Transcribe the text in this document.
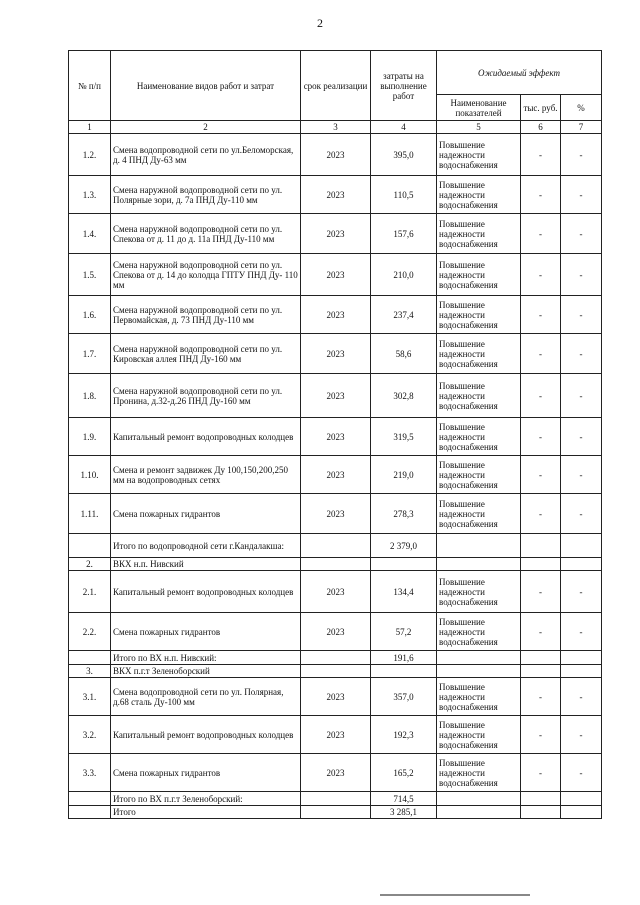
2
№ п/п	Наименование видов работ и затрат	срок реализации	затраты на выполнение работ	Ожидаемый эффект		
				Наименование показателей	тыс. руб.	%
1	2	3	4	5	6	7
1.2.	Смена водопроводной сети по ул.Беломорская, д. 4 ПНД Ду-63 мм	2023	395,0	Повышение надежности водоснабжения	-	-
1.3.	Смена наружной водопроводной сети по ул. Полярные зори, д. 7а ПНД Ду-110 мм	2023	110,5	Повышение надежности водоснабжения	-	-
1.4.	Смена наружной водопроводной сети по ул. Спекова от д. 11 до д. 11а ПНД Ду-110 мм	2023	157,6	Повышение надежности водоснабжения	-	-
1.5.	Смена наружной водопроводной сети по ул. Спекова от д. 14 до колодца ГПТУ ПНД Ду- 110 мм	2023	210,0	Повышение надежности водоснабжения	-	-
1.6.	Смена наружной водопроводной сети по ул. Первомайская, д. 73 ПНД Ду-110 мм	2023	237,4	Повышение надежности водоснабжения	-	-
1.7.	Смена наружной водопроводной сети по ул. Кировская аллея ПНД Ду-160 мм	2023	58,6	Повышение надежности водоснабжения	-	-
1.8.	Смена наружной водопроводной сети по ул. Пронина, д.32-д.26 ПНД Ду-160 мм	2023	302,8	Повышение надежности водоснабжения	-	-
1.9.	Капитальный ремонт водопроводных колодцев	2023	319,5	Повышение надежности водоснабжения	-	-
1.10.	Смена и ремонт задвижек Ду 100,150,200,250 мм на водопроводных сетях	2023	219,0	Повышение надежности водоснабжения	-	-
1.11.	Смена пожарных гидрантов	2023	278,3	Повышение надежности водоснабжения	-	-
	Итого по водопроводной сети г.Кандалакша:		2 379,0			
2.	ВКХ н.п. Нивский					
2.1.	Капитальный ремонт водопроводных колодцев	2023	134,4	Повышение надежности водоснабжения	-	-
2.2.	Смена пожарных гидрантов	2023	57,2	Повышение надежности водоснабжения	-	-
	Итого по ВХ н.п. Нивский:		191,6			
3.	ВКХ п.г.т Зеленоборский					
3.1.	Смена водопроводной сети по ул. Полярная, д.68 сталь Ду-100 мм	2023	357,0	Повышение надежности водоснабжения	-	-
3.2.	Капитальный ремонт водопроводных колодцев	2023	192,3	Повышение надежности водоснабжения	-	-
3.3.	Смена пожарных гидрантов	2023	165,2	Повышение надежности водоснабжения	-	-
	Итого по ВХ п.г.т Зеленоборский:		714,5			
	Итого		3 285,1			
